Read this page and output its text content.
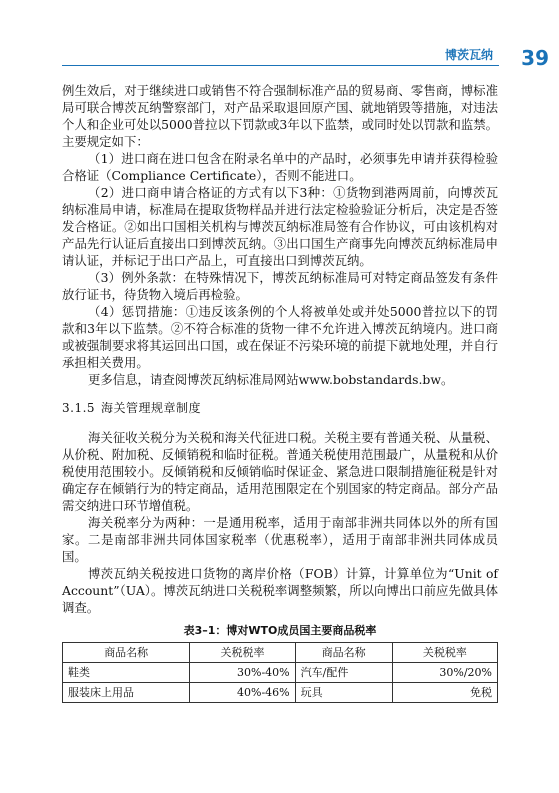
博茨瓦纳 39

例生效后，对于继续进口或销售不符合强制标准产品的贸易商、零售商，博标准局可联合博茨瓦纳警察部门，对产品采取退回原产国、就地销毁等措施，对违法个人和企业可处以5000普拉以下罚款或3年以下监禁，或同时处以罚款和监禁。主要规定如下：

（1）进口商在进口包含在附录名单中的产品时，必须事先申请并获得检验合格证（Compliance Certificate），否则不能进口。

（2）进口商申请合格证的方式有以下3种：①货物到港两周前，向博茨瓦纳标准局申请，标准局在提取货物样品并进行法定检验验证分析后，决定是否签发合格证。②如出口国相关机构与博茨瓦纳标准局签有合作协议，可由该机构对产品先行认证后直接出口到博茨瓦纳。③出口国生产商事先向博茨瓦纳标准局申请认证，并标记于出口产品上，可直接出口到博茨瓦纳。

（3）例外条款：在特殊情况下，博茨瓦纳标准局可对特定商品签发有条件放行证书，待货物入境后再检验。

（4）惩罚措施：①违反该条例的个人将被单处或并处5000普拉以下的罚款和3年以下监禁。②不符合标准的货物一律不允许进入博茨瓦纳境内。进口商或被强制要求将其运回出口国，或在保证不污染环境的前提下就地处理，并自行承担相关费用。

更多信息，请查阅博茨瓦纳标准局网站www.bobstandards.bw。

3.1.5 海关管理规章制度

海关征收关税分为关税和海关代征进口税。关税主要有普通关税、从量税、从价税、附加税、反倾销税和临时征税。普通关税使用范围最广，从量税和从价税使用范围较小。反倾销税和反倾销临时保证金、紧急进口限制措施征税是针对确定存在倾销行为的特定商品，适用范围限定在个别国家的特定商品。部分产品需交纳进口环节增值税。

海关税率分为两种：一是通用税率，适用于南部非洲共同体以外的所有国家。二是南部非洲共同体国家税率（优惠税率），适用于南部非洲共同体成员国。

博茨瓦纳关税按进口货物的离岸价格（FOB）计算，计算单位为“Unit of Account”（UA）。博茨瓦纳进口关税税率调整频繁，所以向博出口前应先做具体调查。

表3–1：博对WTO成员国主要商品税率
商品名称	关税税率	商品名称	关税税率
鞋类	30%-40%	汽车/配件	30%/20%
服装床上用品	40%-46%	玩具	免税
